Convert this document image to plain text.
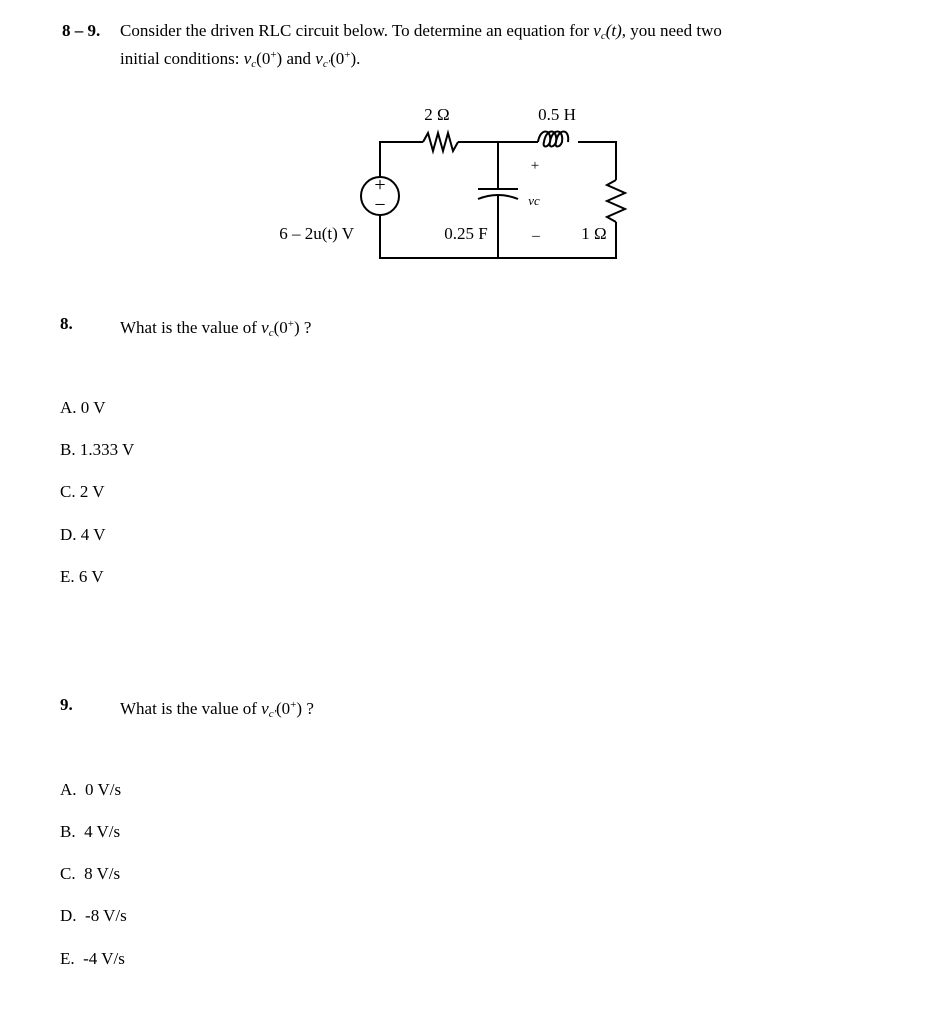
8 – 9. Consider the driven RLC circuit below. To determine an equation for $v_c(t)$, you need two
initial conditions: $v_c(0^+)$ and $v_{c'}(0^+)$.
+
−
6 – 2u(t) V
2 Ω	0.5 H
+
vc
–
0.25 F	1 Ω
8.	What is the value of $v_c(0^+)$ ?
A. 0 V
B. 1.333 V
C. 2 V
D. 4 V
E. 6 V
9.	What is the value of $v_{c'}(0^+)$ ?
A.  0 V/s
B.  4 V/s
C.  8 V/s
D.  -8 V/s
E.  -4 V/s
